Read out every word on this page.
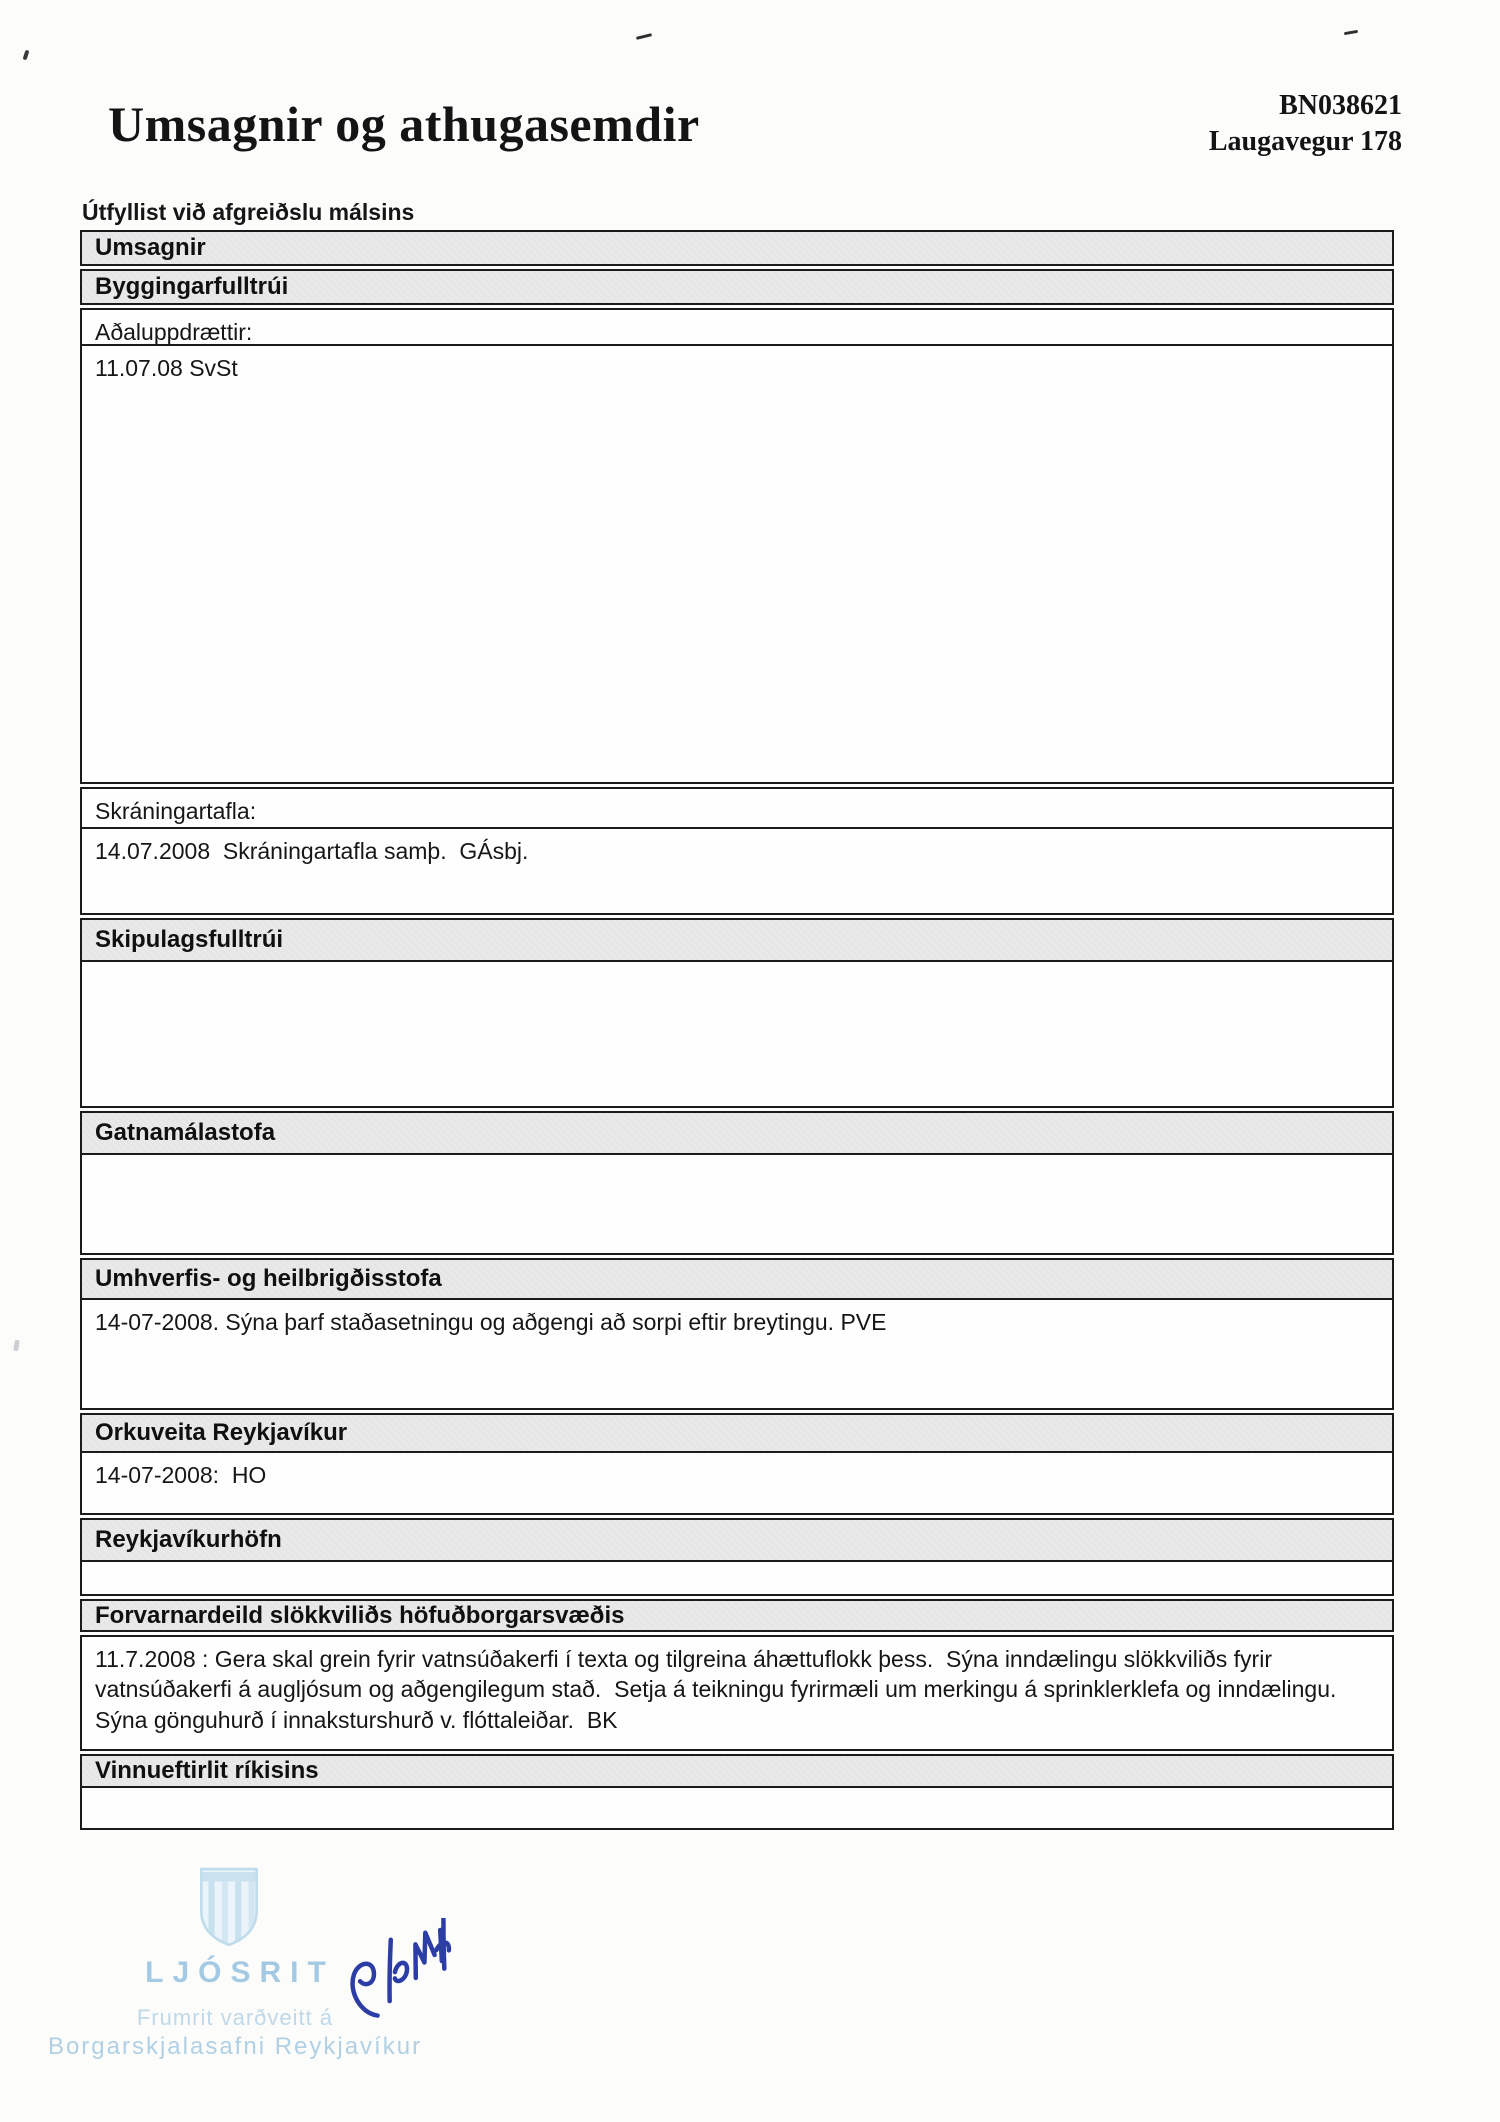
Umsagnir og athugasemdir	BN038621
Laugavegur 178
Útfyllist við afgreiðslu málsins
Umsagnir
Byggingarfulltrúi
Aðaluppdrættir:
11.07.08 SvSt
Skráningartafla:
14.07.2008  Skráningartafla samþ.  GÁsbj.
Skipulagsfulltrúi
Gatnamálastofa
Umhverfis- og heilbrigðisstofa
14-07-2008. Sýna þarf staðasetningu og aðgengi að sorpi eftir breytingu. PVE
Orkuveita Reykjavíkur
14-07-2008:  HO
Reykjavíkurhöfn
Forvarnardeild slökkviliðs höfuðborgarsvæðis
11.7.2008 : Gera skal grein fyrir vatnsúðakerfi í texta og tilgreina áhættuflokk þess.  Sýna inndælingu slökkviliðs fyrir vatnsúðakerfi á augljósum og aðgengilegum stað.  Setja á teikningu fyrirmæli um merkingu á sprinklerklefa og inndælingu.  Sýna gönguhurð í innaksturshurð v. flóttaleiðar.  BK
Vinnueftirlit ríkisins
LJÓSRIT
Frumrit varðveitt á
Borgarskjalasafni Reykjavíkur
